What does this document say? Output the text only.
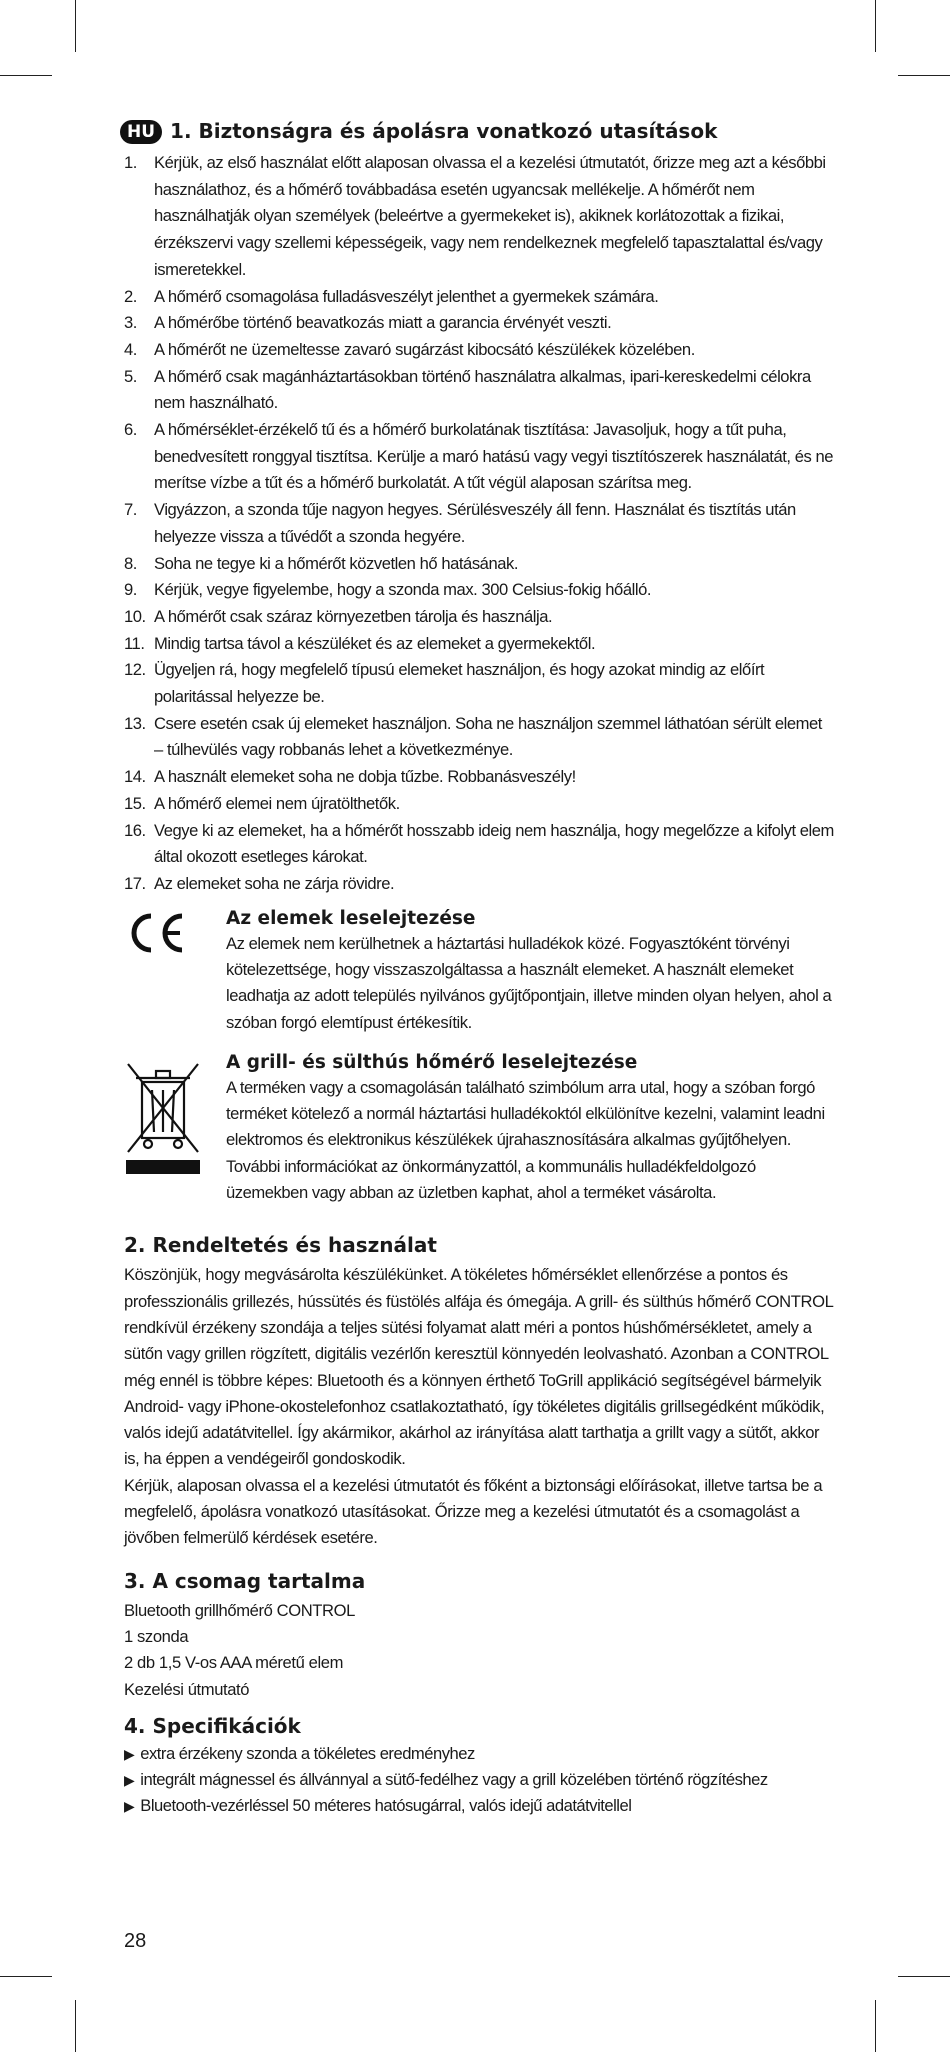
HU 1. Biztonságra és ápolásra vonatkozó utasítások
1. Kérjük, az első használat előtt alaposan olvassa el a kezelési útmutatót, őrizze meg azt a későbbi használathoz, és a hőmérő továbbadása esetén ugyancsak mellékelje. A hőmérőt nem használhatják olyan személyek (beleértve a gyermekeket is), akiknek korlátozottak a fizikai, érzékszervi vagy szellemi képességeik, vagy nem rendelkeznek megfelelő tapasztalattal és/vagy ismeretekkel.
2. A hőmérő csomagolása fulladásveszélyt jelenthet a gyermekek számára.
3. A hőmérőbe történő beavatkozás miatt a garancia érvényét veszti.
4. A hőmérőt ne üzemeltesse zavaró sugárzást kibocsátó készülékek közelében.
5. A hőmérő csak magánháztartásokban történő használatra alkalmas, ipari-kereskedelmi célokra nem használható.
6. A hőmérséklet-érzékelő tű és a hőmérő burkolatának tisztítása: Javasoljuk, hogy a tűt puha, benedvesített ronggyal tisztítsa. Kerülje a maró hatású vagy vegyi tisztítószerek használatát, és ne merítse vízbe a tűt és a hőmérő burkolatát. A tűt végül alaposan szárítsa meg.
7. Vigyázzon, a szonda tűje nagyon hegyes. Sérülésveszély áll fenn. Használat és tisztítás után helyezze vissza a tűvédőt a szonda hegyére.
8. Soha ne tegye ki a hőmérőt közvetlen hő hatásának.
9. Kérjük, vegye figyelembe, hogy a szonda max. 300 Celsius-fokig hőálló.
10. A hőmérőt csak száraz környezetben tárolja és használja.
11. Mindig tartsa távol a készüléket és az elemeket a gyermekektől.
12. Ügyeljen rá, hogy megfelelő típusú elemeket használjon, és hogy azokat mindig az előírt polaritással helyezze be.
13. Csere esetén csak új elemeket használjon. Soha ne használjon szemmel láthatóan sérült elemet – túlhevülés vagy robbanás lehet a következménye.
14. A használt elemeket soha ne dobja tűzbe. Robbanásveszély!
15. A hőmérő elemei nem újratölthetők.
16. Vegye ki az elemeket, ha a hőmérőt hosszabb ideig nem használja, hogy megelőzze a kifolyt elem által okozott esetleges károkat.
17. Az elemeket soha ne zárja rövidre.
Az elemek leselejtezése

Az elemek nem kerülhetnek a háztartási hulladékok közé. Fogyasztóként törvényi kötelezettsége, hogy visszaszolgáltassa a használt elemeket. A használt elemeket leadhatja az adott település nyilvános gyűjtőpontjain, illetve minden olyan helyen, ahol a szóban forgó elemtípust értékesítik.

A grill- és sülthús hőmérő leselejtezése

A terméken vagy a csomagolásán található szimbólum arra utal, hogy a szóban forgó terméket kötelező a normál háztartási hulladékoktól elkülönítve kezelni, valamint leadni elektromos és elektronikus készülékek újrahasznosítására alkalmas gyűjtőhelyen. További információkat az önkormányzattól, a kommunális hulladékfeldolgozó üzemekben vagy abban az üzletben kaphat, ahol a terméket vásárolta.

2. Rendeltetés és használat

Köszönjük, hogy megvásárolta készülékünket. A tökéletes hőmérséklet ellenőrzése a pontos és professzionális grillezés, hússütés és füstölés alfája és ómegája. A grill- és sülthús hőmérő CONTROL rendkívül érzékeny szondája a teljes sütési folyamat alatt méri a pontos húshőmérsékletet, amely a sütőn vagy grillen rögzített, digitális vezérlőn keresztül könnyedén leolvasható. Azonban a CONTROL még ennél is többre képes: Bluetooth és a könnyen érthető ToGrill applikáció segítségével bármelyik Android- vagy iPhone-okostelefonhoz csatlakoztatható, így tökéletes digitális grillsegédként működik, valós idejű adatátvitellel. Így akármikor, akárhol az irányítása alatt tarthatja a grillt vagy a sütőt, akkor is, ha éppen a vendégeiről gondoskodik.

Kérjük, alaposan olvassa el a kezelési útmutatót és főként a biztonsági előírásokat, illetve tartsa be a megfelelő, ápolásra vonatkozó utasításokat. Őrizze meg a kezelési útmutatót és a csomagolást a jövőben felmerülő kérdések esetére.

3. A csomag tartalma
Bluetooth grillhőmérő CONTROL
1 szonda
2 db 1,5 V-os AAA méretű elem
Kezelési útmutató
4. Specifikációk
▶ extra érzékeny szonda a tökéletes eredményhez
▶ integrált mágnessel és állvánnyal a sütő-fedélhez vagy a grill közelében történő rögzítéshez
▶ Bluetooth-vezérléssel 50 méteres hatósugárral, valós idejű adatátvitellel
28
